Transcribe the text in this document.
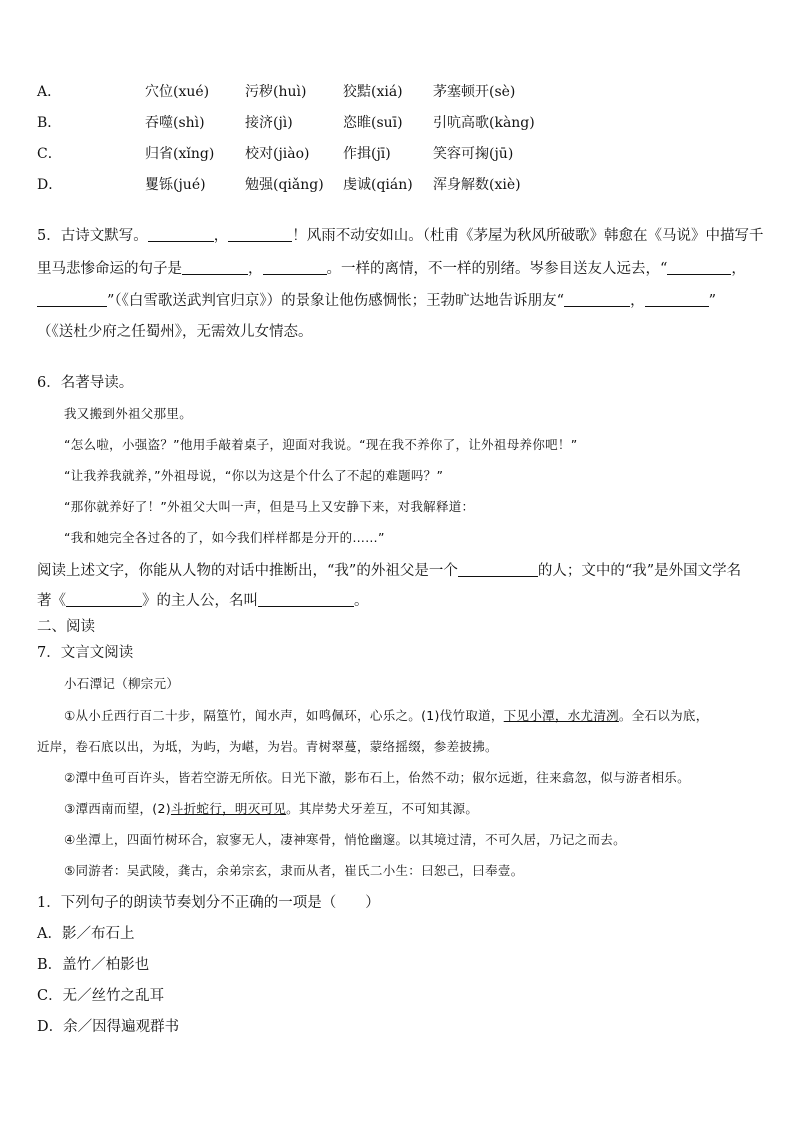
A．	穴位(xué)	污秽(huì)	狡黠(xiá) 茅塞顿开(sè)
B．	吞噬(shì)	接济(jì)	恣睢(suī) 引吭高歌(kàng)
C．	归省(xǐng) 校对(jiào) 作揖(jī)	笑容可掬(jū)
D．	矍铄(jué)	勉强(qiǎng) 虔诚(qián) 浑身解数(xiè)
5．古诗文默写。	，	！风雨不动安如山。（杜甫《茅屋为秋风所破歌》韩愈在《马说》中描写千
里马悲惨命运的句子是	，	。一样的离情，不一样的别绪。岑参目送友人远去，“	，
”（《白雪歌送武判官归京》）的景象让他伤感惆怅；王勃旷达地告诉朋友“	，	”
（《送杜少府之任蜀州》，无需效儿女情态。
6．名著导读。
我又搬到外祖父那里。
“怎么啦，小强盗？”他用手敲着桌子，迎面对我说。“现在我不养你了，让外祖母养你吧！”
“让我养我就养，”外祖母说，“你以为这是个什么了不起的难题吗？”
“那你就养好了！”外祖父大叫一声，但是马上又安静下来，对我解释道：
“我和她完全各过各的了，如今我们样样都是分开的……”
阅读上述文字，你能从人物的对话中推断出，“我”的外祖父是一个	的人；文中的“我”是外国文学名
著《	》的主人公，名叫	。
二、阅读
7．文言文阅读
小石潭记（柳宗元）
①从小丘西行百二十步，隔篁竹，闻水声，如鸣佩环，心乐之。(1)伐竹取道，下见小潭，水尤清冽。全石以为底，
近岸，卷石底以出，为坻，为屿，为嵁，为岩。青树翠蔓，蒙络摇缀，参差披拂。
②潭中鱼可百许头，皆若空游无所依。日光下澈，影布石上，佁然不动；俶尔远逝，往来翕忽，似与游者相乐。
③潭西南而望，(2)斗折蛇行，明灭可见。其岸势犬牙差互，不可知其源。
④坐潭上，四面竹树环合，寂寥无人，凄神寒骨，悄怆幽邃。以其境过清，不可久居，乃记之而去。
⑤同游者：吴武陵，龚古，余弟宗玄，隶而从者，崔氏二小生：曰恕己，曰奉壹。
1．下列句子的朗读节奏划分不正确的一项是（　　）
A．影／布石上
B．盖竹／柏影也
C．无／丝竹之乱耳
D．余／因得遍观群书
